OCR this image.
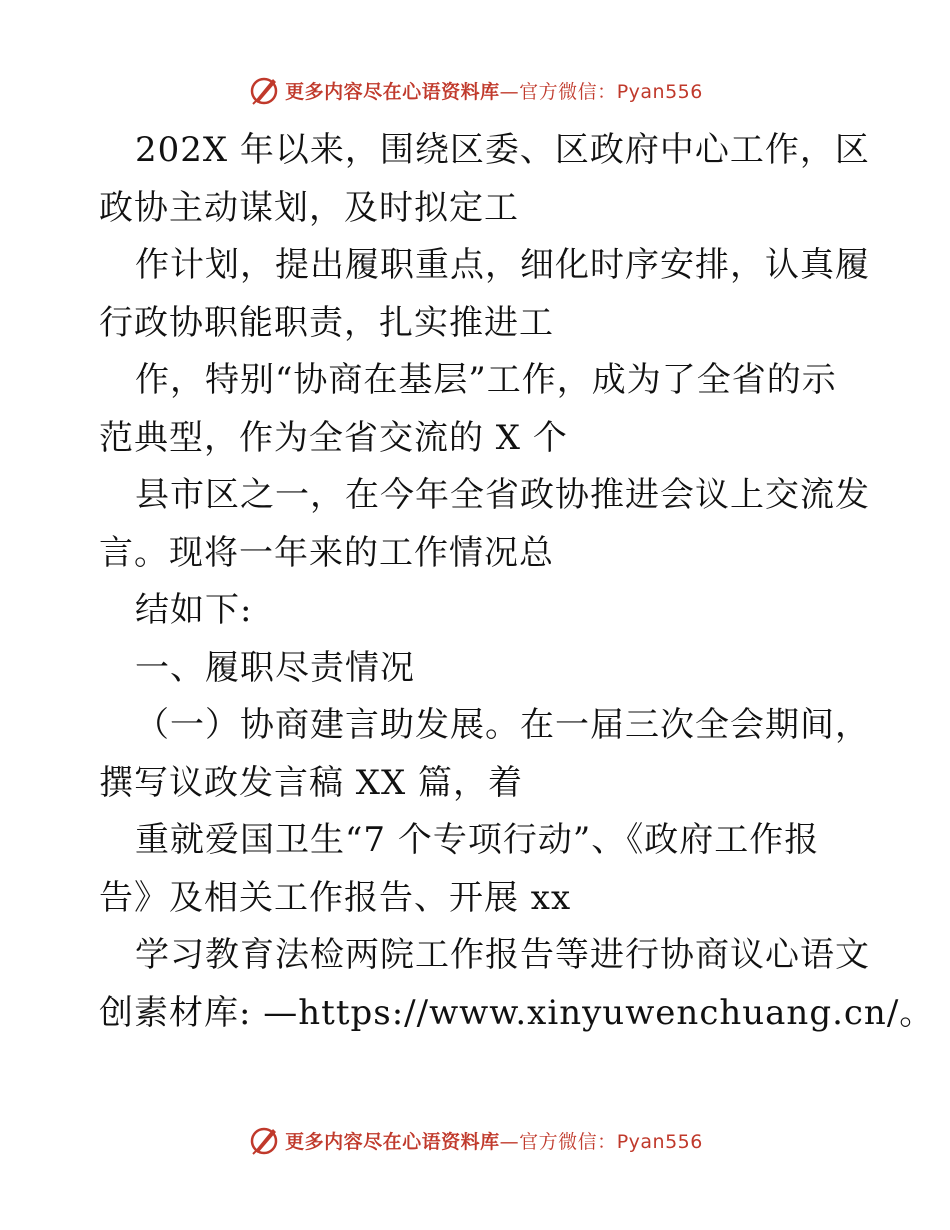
更多内容尽在心语资料库—官方微信：Pyan556
202X 年以来，围绕区委、区政府中心工作，区
政协主动谋划，及时拟定工
作计划，提出履职重点，细化时序安排，认真履
行政协职能职责，扎实推进工
作，特别“协商在基层”工作，成为了全省的示
范典型，作为全省交流的 X 个
县市区之一，在今年全省政协推进会议上交流发
言。现将一年来的工作情况总
结如下:
一、履职尽责情况
（一）协商建言助发展。在一届三次全会期间，
撰写议政发言稿 XX 篇，着
重就爱国卫生“7 个专项行动”、《政府工作报
告》及相关工作报告、开展 xx
学习教育法检两院工作报告等进行协商议心语文
创素材库: —https://www.xinyuwenchuang.cn/。
更多内容尽在心语资料库—官方微信：Pyan556
